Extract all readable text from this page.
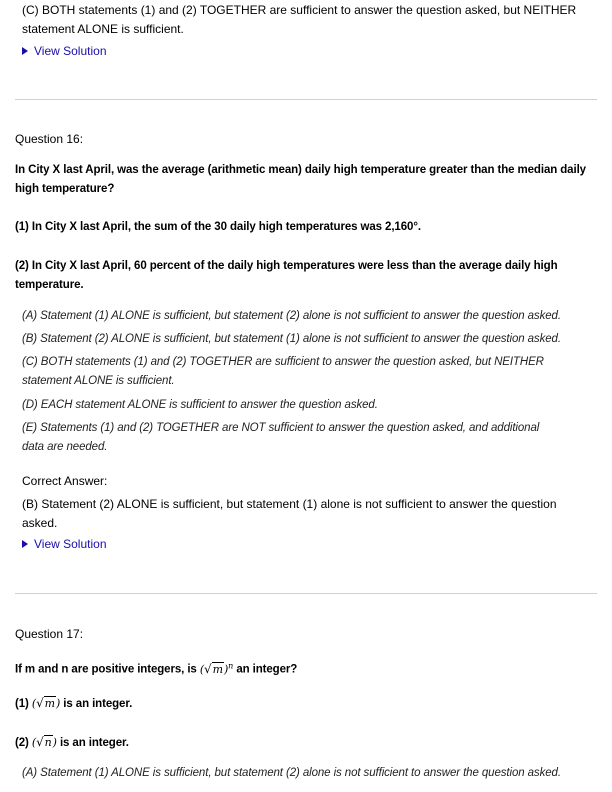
(C) BOTH statements (1) and (2) TOGETHER are sufficient to answer the question asked, but NEITHER
statement ALONE is sufficient.
View Solution
Question 16:
In City X last April, was the average (arithmetic mean) daily high temperature greater than the median daily
high temperature?
(1) In City X last April, the sum of the 30 daily high temperatures was 2,160°.
(2) In City X last April, 60 percent of the daily high temperatures were less than the average daily high
temperature.
(A) Statement (1) ALONE is sufficient, but statement (2) alone is not sufficient to answer the question asked.
(B) Statement (2) ALONE is sufficient, but statement (1) alone is not sufficient to answer the question asked.
(C) BOTH statements (1) and (2) TOGETHER are sufficient to answer the question asked, but NEITHER
statement ALONE is sufficient.
(D) EACH statement ALONE is sufficient to answer the question asked.
(E) Statements (1) and (2) TOGETHER are NOT sufficient to answer the question asked, and additional
data are needed.
Correct Answer:
(B) Statement (2) ALONE is sufficient, but statement (1) alone is not sufficient to answer the question
asked.
View Solution
Question 17:
If m and n are positive integers, is $(√m)^n$ an integer?
(1) (√m) is an integer.
(2) (√n) is an integer.
(A) Statement (1) ALONE is sufficient, but statement (2) alone is not sufficient to answer the question asked.
